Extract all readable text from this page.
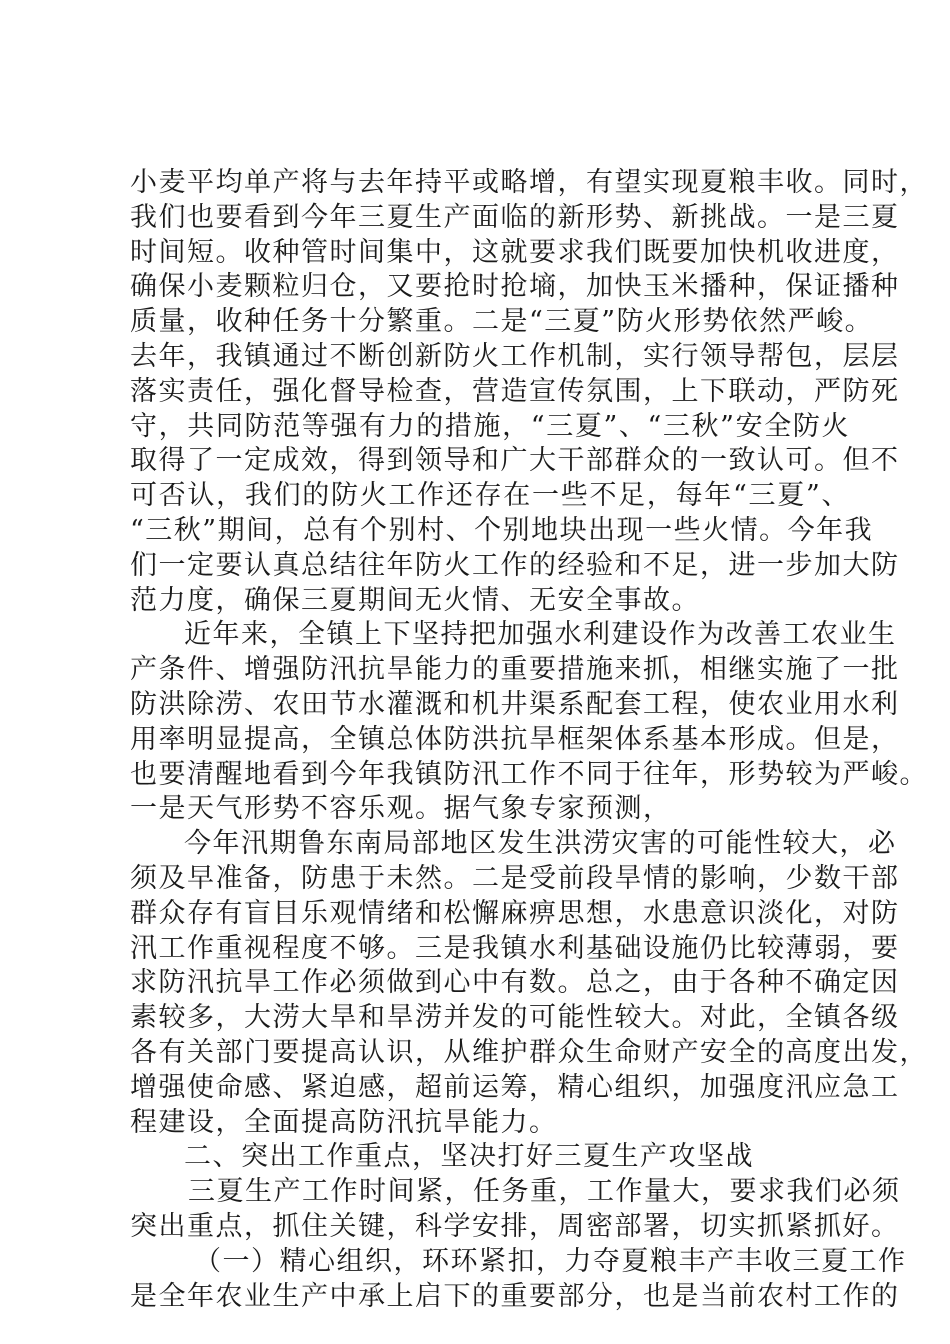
小麦平均单产将与去年持平或略增，有望实现夏粮丰收。同时，
我们也要看到今年三夏生产面临的新形势、新挑战。一是三夏
时间短。收种管时间集中，这就要求我们既要加快机收进度，
确保小麦颗粒归仓，又要抢时抢墒，加快玉米播种，保证播种
质量，收种任务十分繁重。二是“三夏”防火形势依然严峻。
去年，我镇通过不断创新防火工作机制，实行领导帮包，层层
落实责任，强化督导检查，营造宣传氛围，上下联动，严防死
守，共同防范等强有力的措施，“三夏”、“三秋”安全防火
取得了一定成效，得到领导和广大干部群众的一致认可。但不
可否认，我们的防火工作还存在一些不足，每年“三夏”、
“三秋”期间，总有个别村、个别地块出现一些火情。今年我
们一定要认真总结往年防火工作的经验和不足，进一步加大防
范力度，确保三夏期间无火情、无安全事故。
近年来，全镇上下坚持把加强水利建设作为改善工农业生
产条件、增强防汛抗旱能力的重要措施来抓，相继实施了一批
防洪除涝、农田节水灌溉和机井渠系配套工程，使农业用水利
用率明显提高，全镇总体防洪抗旱框架体系基本形成。但是，
也要清醒地看到今年我镇防汛工作不同于往年，形势较为严峻。
一是天气形势不容乐观。据气象专家预测，
今年汛期鲁东南局部地区发生洪涝灾害的可能性较大，必
须及早准备，防患于未然。二是受前段旱情的影响，少数干部
群众存有盲目乐观情绪和松懈麻痹思想，水患意识淡化，对防
汛工作重视程度不够。三是我镇水利基础设施仍比较薄弱，要
求防汛抗旱工作必须做到心中有数。总之，由于各种不确定因
素较多，大涝大旱和旱涝并发的可能性较大。对此，全镇各级
各有关部门要提高认识，从维护群众生命财产安全的高度出发，
增强使命感、紧迫感，超前运筹，精心组织，加强度汛应急工
程建设，全面提高防汛抗旱能力。
二、突出工作重点，坚决打好三夏生产攻坚战
三夏生产工作时间紧，任务重，工作量大，要求我们必须
突出重点，抓住关键，科学安排，周密部署，切实抓紧抓好。
（一）精心组织，环环紧扣，力夺夏粮丰产丰收三夏工作
是全年农业生产中承上启下的重要部分，也是当前农村工作的
